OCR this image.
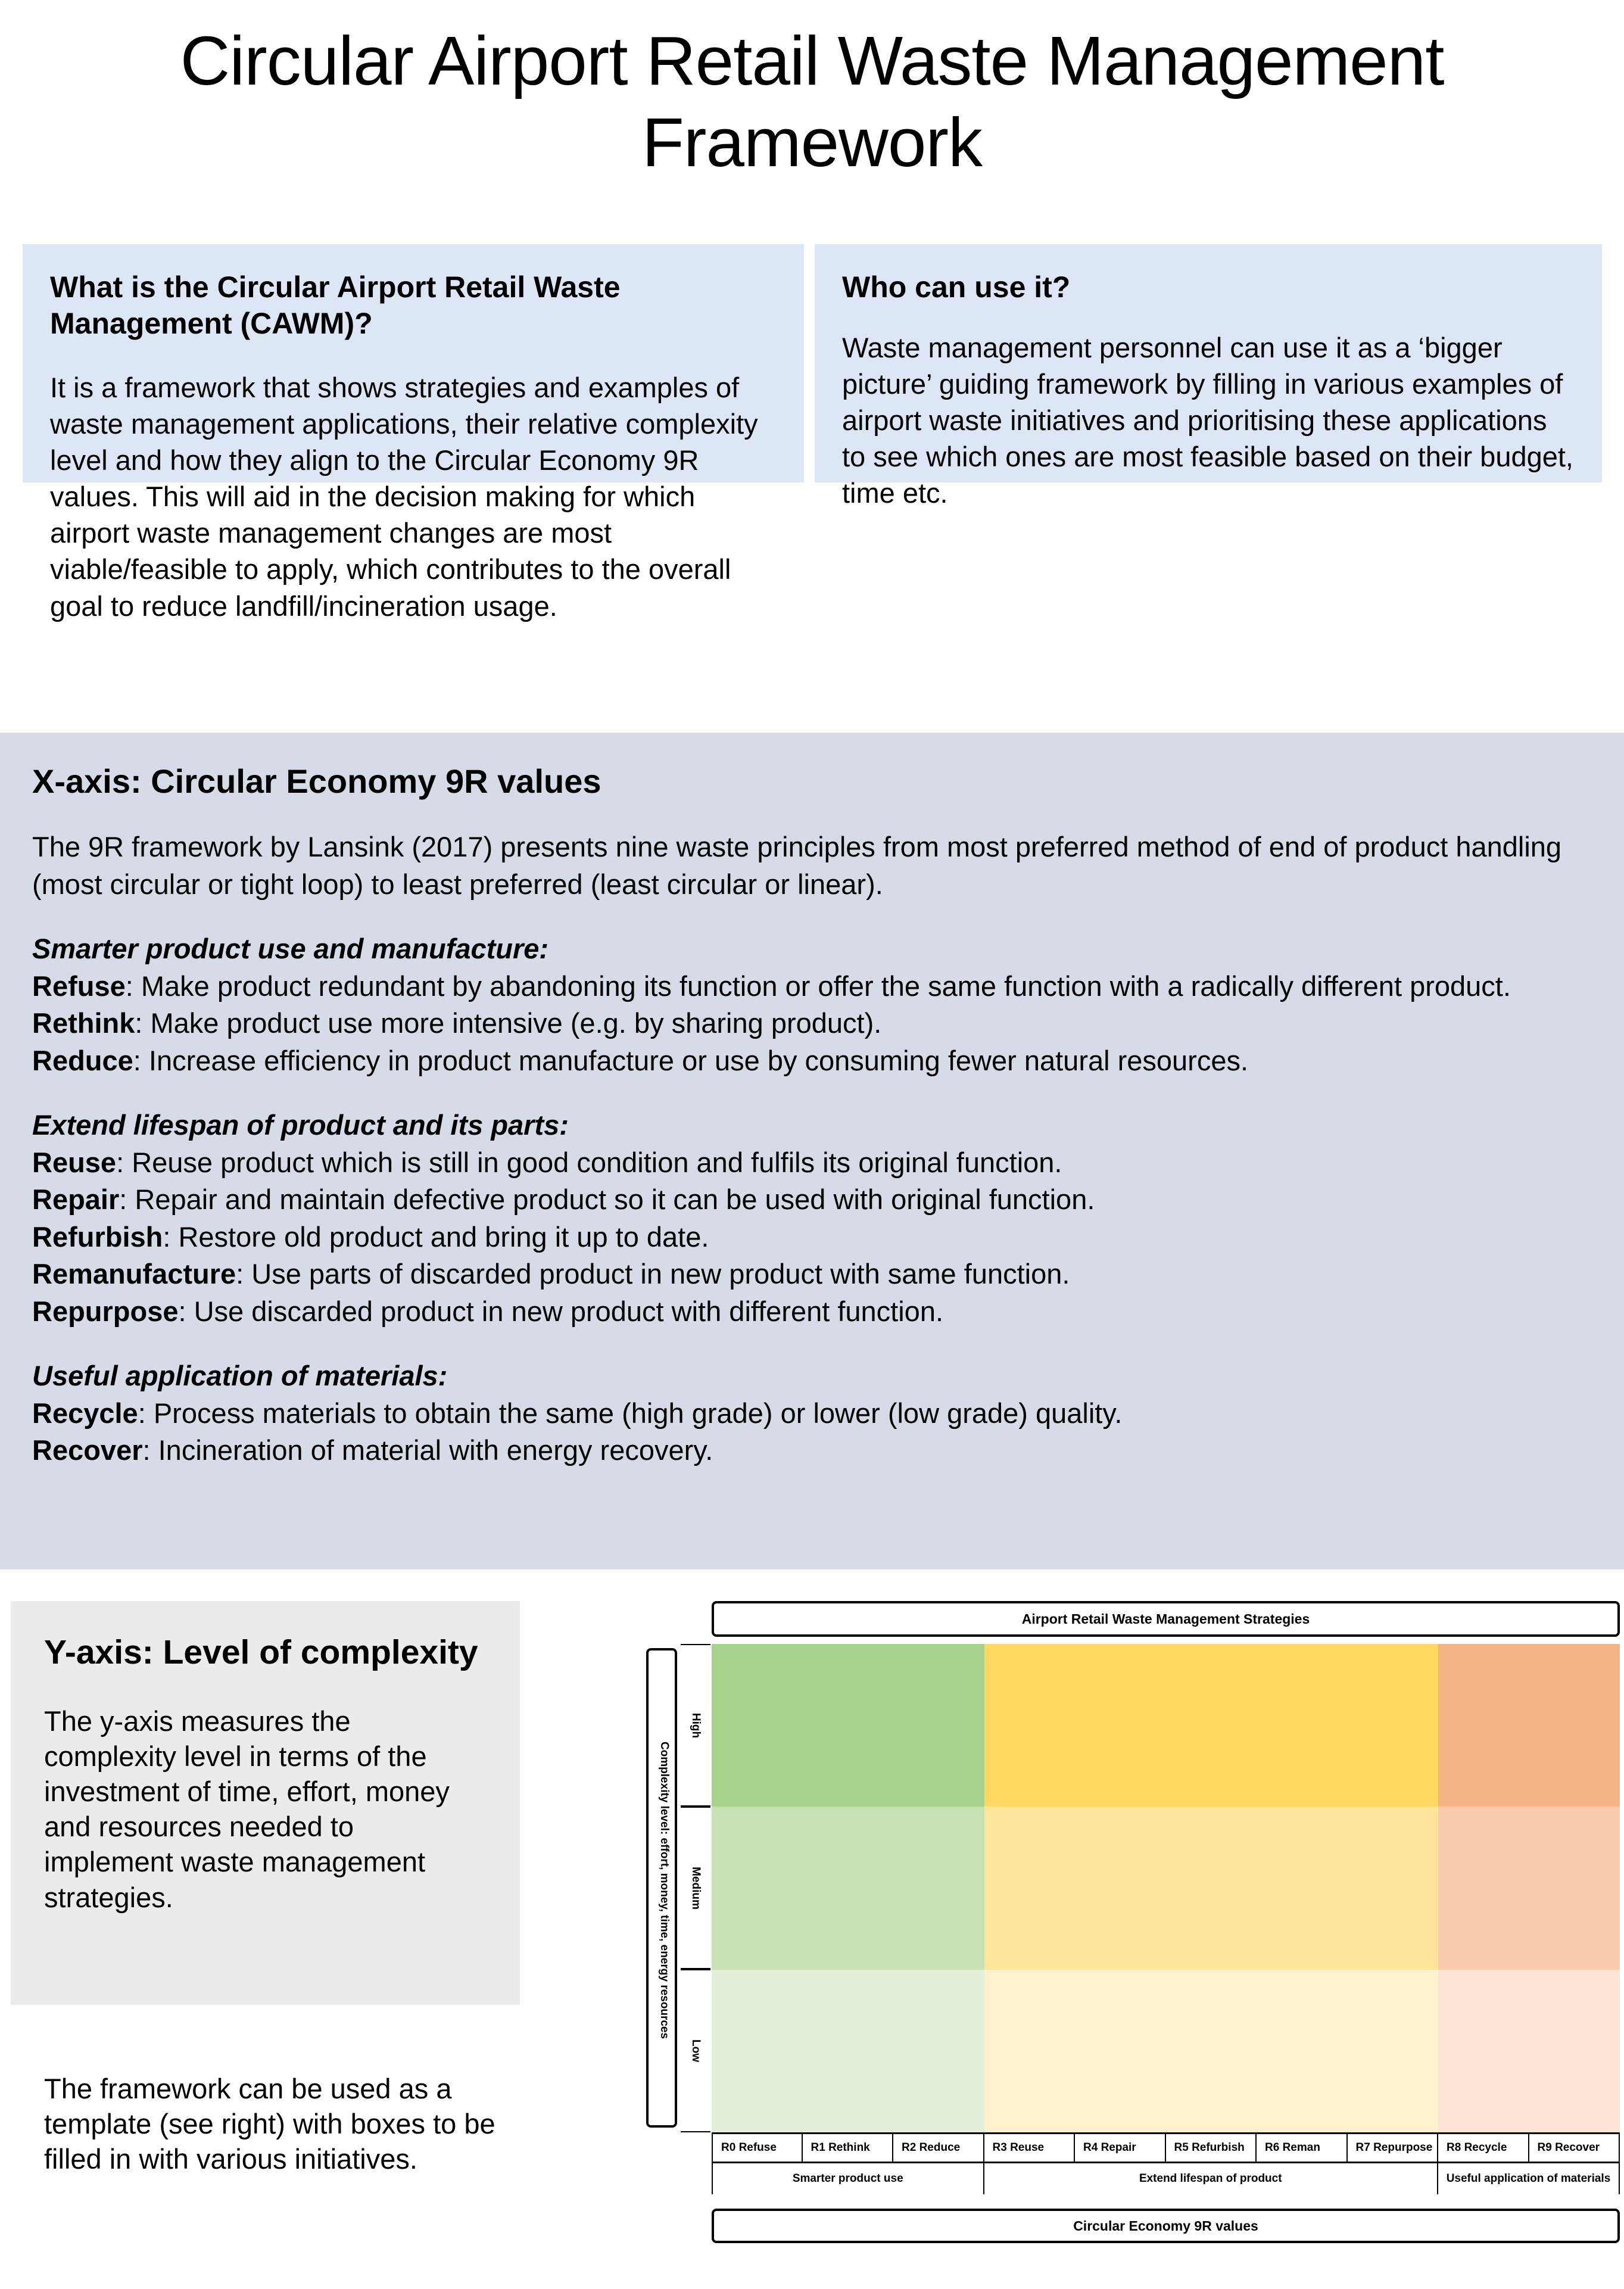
Circular Airport Retail Waste Management Framework
What is the Circular Airport Retail Waste Management (CAWM)?

It is a framework that shows strategies and examples of waste management applications, their relative complexity level and how they align to the Circular Economy 9R values. This will aid in the decision making for which airport waste management changes are most viable/feasible to apply, which contributes to the overall goal to reduce landfill/incineration usage.

Who can use it?

Waste management personnel can use it as a ‘bigger picture’ guiding framework by filling in various examples of airport waste initiatives and prioritising these applications to see which ones are most feasible based on their budget, time etc.

X-axis: Circular Economy 9R values

The 9R framework by Lansink (2017) presents nine waste principles from most preferred method of end of product handling (most circular or tight loop) to least preferred (least circular or linear).

Smarter product use and manufacture:

Refuse: Make product redundant by abandoning its function or offer the same function with a radically different product.

Rethink: Make product use more intensive (e.g. by sharing product).

Reduce: Increase efficiency in product manufacture or use by consuming fewer natural resources.

Extend lifespan of product and its parts:

Reuse: Reuse product which is still in good condition and fulfils its original function.

Repair: Repair and maintain defective product so it can be used with original function.

Refurbish: Restore old product and bring it up to date.

Remanufacture: Use parts of discarded product in new product with same function.

Repurpose: Use discarded product in new product with different function.

Useful application of materials:

Recycle: Process materials to obtain the same (high grade) or lower (low grade) quality.

Recover: Incineration of material with energy recovery.

Y-axis: Level of complexity

The y-axis measures the complexity level in terms of the investment of time, effort, money and resources needed to implement waste management strategies.

The framework can be used as a template (see right) with boxes to be filled in with various initiatives.

Airport Retail Waste Management Strategies
Complexity level: effort, money, time, energy resources
High
Medium
Low
R0 Refuse	R1 Rethink	R2 Reduce	R3 Reuse	R4 Repair	R5 Refurbish	R6 Reman	R7 Repurpose	R8 Recycle	R9 Recover
Smarter product use	Extend lifespan of product	Useful application of materials
Circular Economy 9R values
